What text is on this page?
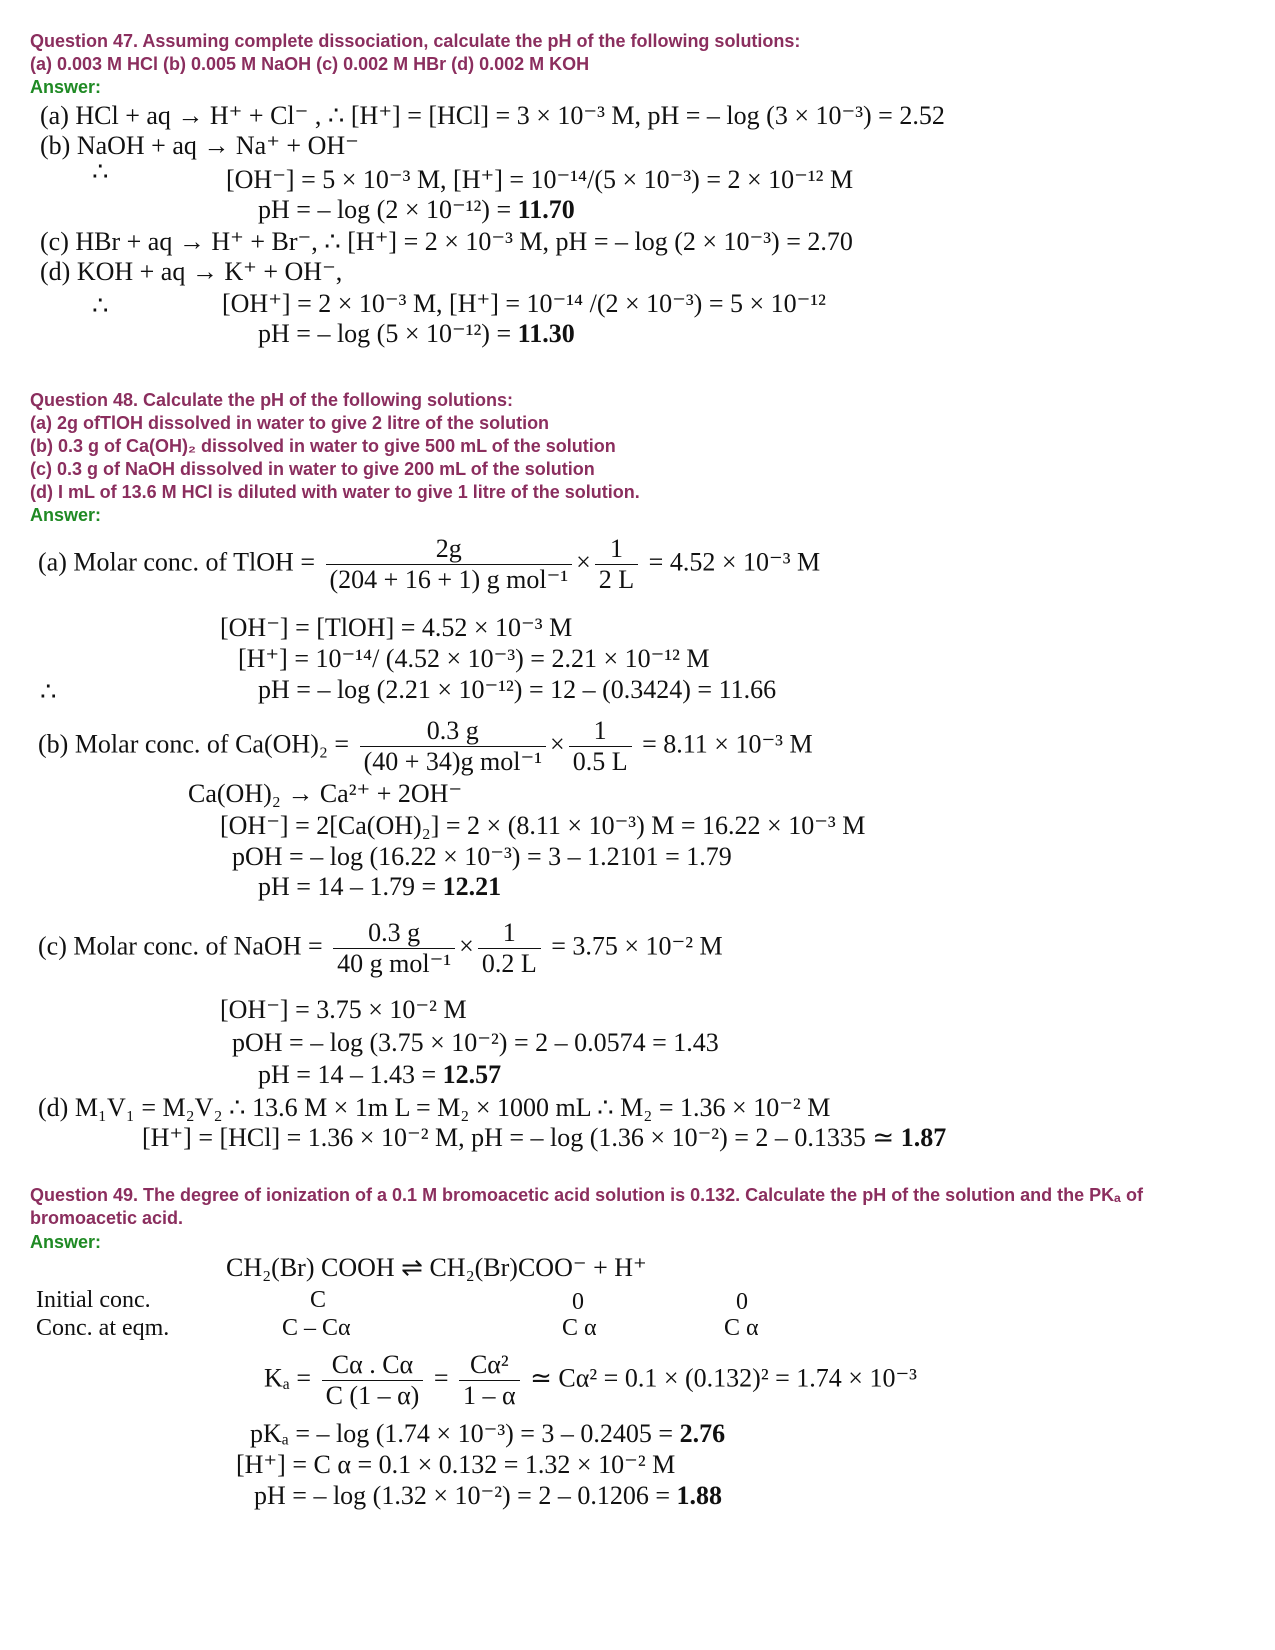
Question 47. Assuming complete dissociation, calculate the pH of the following solutions:
(a) 0.003 M HCl (b) 0.005 M NaOH (c) 0.002 M HBr (d) 0.002 M KOH
Answer:
(a) HCl + aq → H⁺ + Cl⁻ , ∴ [H⁺] = [HCl] = 3 × 10⁻³ M, pH = – log (3 × 10⁻³) = 2.52
(b) NaOH + aq → Na⁺ + OH⁻
∴	[OH⁻] = 5 × 10⁻³ M, [H⁺] = 10⁻¹⁴/(5 × 10⁻³) = 2 × 10⁻¹² M
pH = – log (2 × 10⁻¹²) = 11.70
(c) HBr + aq → H⁺ + Br⁻, ∴ [H⁺] = 2 × 10⁻³ M, pH = – log (2 × 10⁻³) = 2.70
(d) KOH + aq → K⁺ + OH⁻,
∴	[OH⁺] = 2 × 10⁻³ M, [H⁺] = 10⁻¹⁴ /(2 × 10⁻³) = 5 × 10⁻¹²
pH = – log (5 × 10⁻¹²) = 11.30
Question 48. Calculate the pH of the following solutions:
(a) 2g ofTlOH dissolved in water to give 2 litre of the solution
(b) 0.3 g of Ca(OH)₂ dissolved in water to give 500 mL of the solution
(c) 0.3 g of NaOH dissolved in water to give 200 mL of the solution
(d) I mL of 13.6 M HCl is diluted with water to give 1 litre of the solution.
Answer:
(a) Molar conc. of TlOH = $\frac{2g}{\text{(204 + 16 + 1) g mol⁻¹}} \times \frac{1}{2 L} = 4.52 \times 10^{-3}$ M
[OH⁻] = [TlOH] = 4.52 × 10⁻³ M
[H⁺] = 10⁻¹⁴/ (4.52 × 10⁻³) = 2.21 × 10⁻¹² M
∴	pH = – log (2.21 × 10⁻¹²) = 12 – (0.3424) = 11.66
(b) Molar conc. of $Ca(OH)_2 = \frac{0.3 g}{\text{(40 + 34)g mol⁻¹}} \times \frac{1}{0.5 L} = 8.11 \times 10^{-3}$ M
Ca(OH)₂ → Ca²⁺ + 2OH⁻
[OH⁻] = 2[Ca(OH)₂] = 2 × (8.11 × 10⁻³) M = 16.22 × 10⁻³ M
pOH = – log (16.22 × 10⁻³) = 3 – 1.2101 = 1.79
pH = 14 – 1.79 = 12.21
(c) Molar conc. of NaOH = $\frac{0.3 g}{\text{40 g mol⁻¹}} \times \frac{1}{0.2 L} = 3.75 \times 10^{-2}$ M
[OH⁻] = 3.75 × 10⁻² M
pOH = – log (3.75 × 10⁻²) = 2 – 0.0574 = 1.43
pH = 14 – 1.43 = 12.57
(d) M₁V₁ = M₂V₂ ∴ 13.6 M × 1m L = M₂ × 1000 mL ∴ M₂ = 1.36 × 10⁻² M
[H⁺] = [HCl] = 1.36 × 10⁻² M, pH = – log (1.36 × 10⁻²) = 2 – 0.1335 ≃ 1.87
Question 49. The degree of ionization of a 0.1 M bromoacetic acid solution is 0.132. Calculate the pH of the solution and the PKₐ of bromoacetic acid.
Answer:
CH₂(Br) COOH ⇌ CH₂(Br)COO⁻ + H⁺
Initial conc.	C	0	0
Conc. at eqm.	C – Cα	C α	C α
$K_a = \frac{C\alpha . C\alpha}{C (1 - \alpha)} = \frac{\text{Cα²}}{1 - \alpha}$ ≃ Cα² = 0.1 × (0.132)² = 1.74 × 10⁻³
pKₐ = – log (1.74 × 10⁻³) = 3 – 0.2405 = 2.76
[H⁺] = C α = 0.1 × 0.132 = 1.32 × 10⁻² M
pH = – log (1.32 × 10⁻²) = 2 – 0.1206 = 1.88
